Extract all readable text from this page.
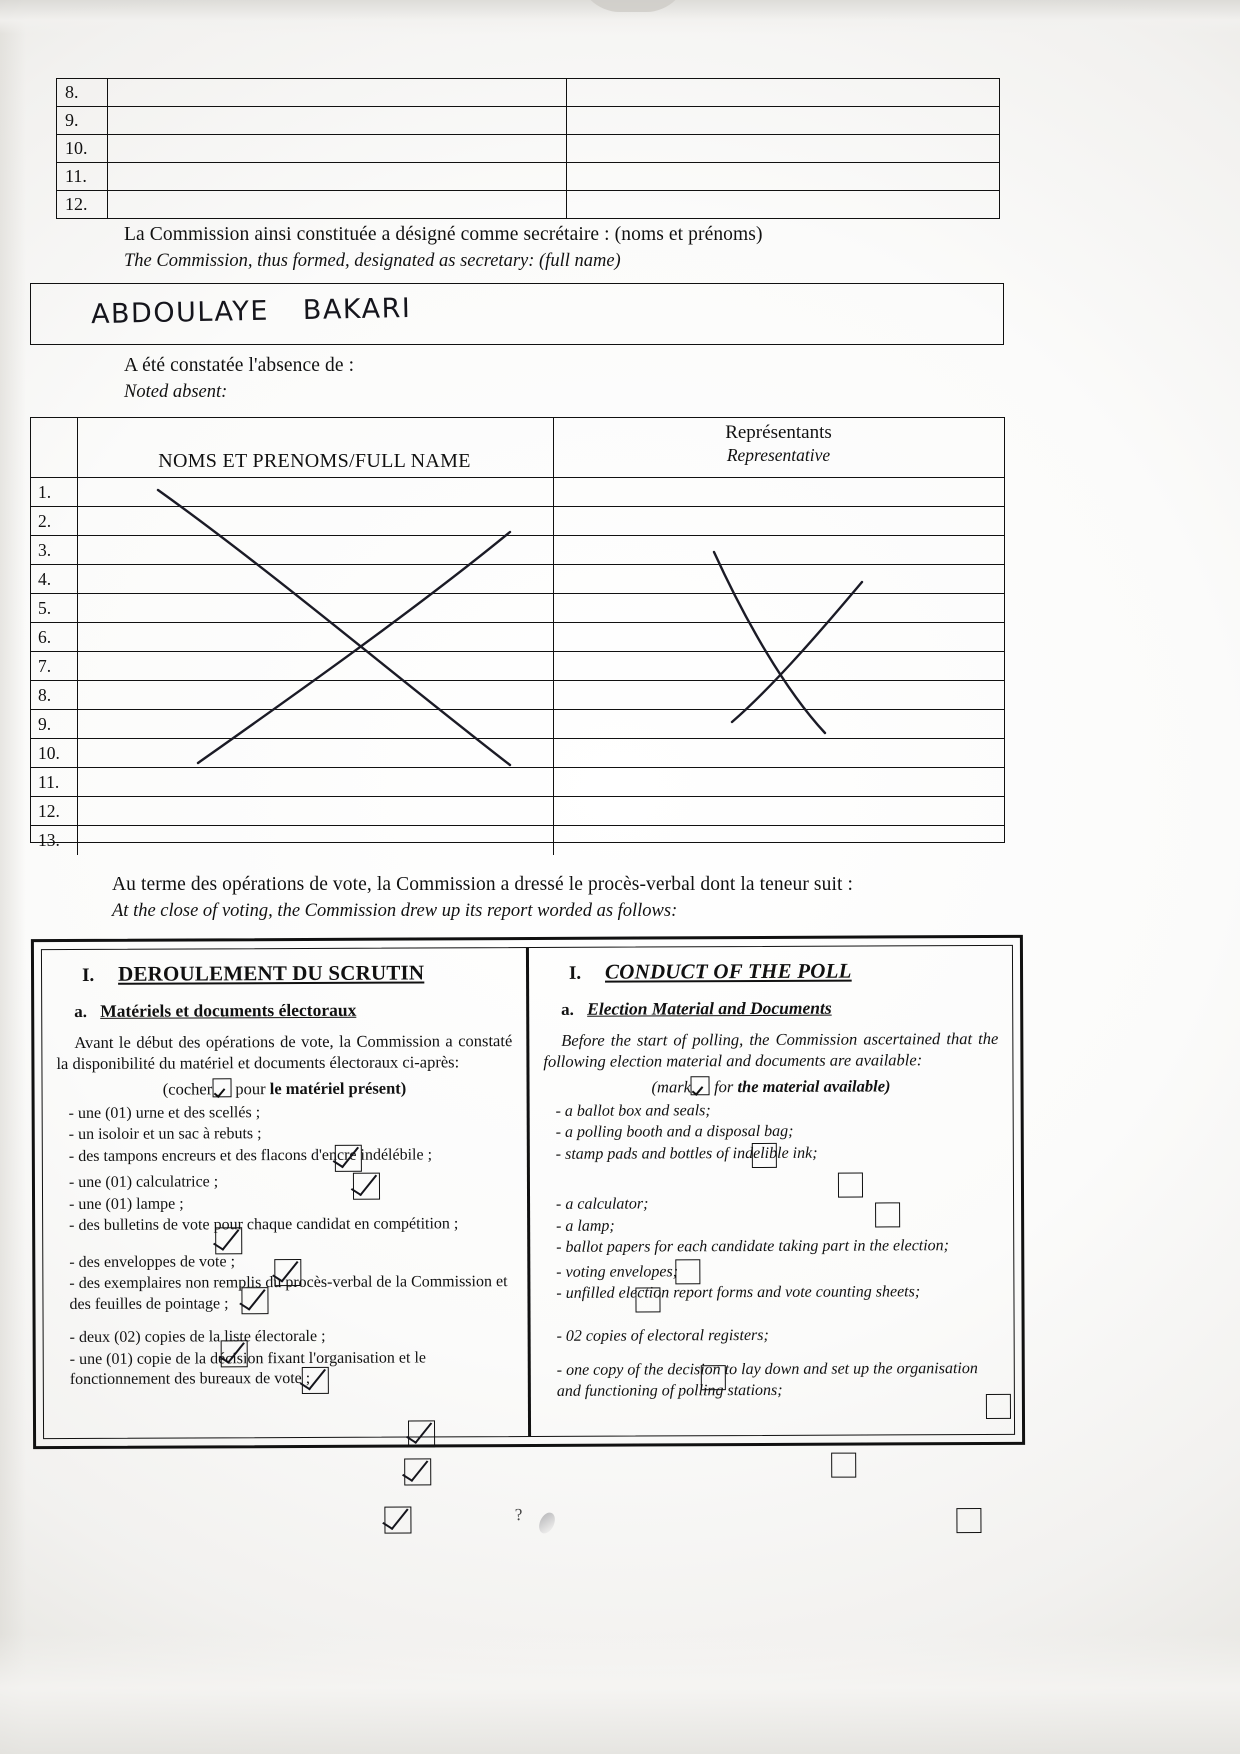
8.
9.
10.
11.
12.
La Commission ainsi constituée a désigné comme secrétaire : (noms et prénoms)
The Commission, thus formed, designated as secretary: (full name)
ABDOULAYE BAKARI
A été constatée l'absence de :
Noted absent:
NOMS ET PRENOMS/FULL NAME
Représentants
Representative
1.
2.
3.
4.
5.
6.
7.
8.
9.
10.
11.
12.
13.
Au terme des opérations de vote, la Commission a dressé le procès-verbal dont la teneur suit :
At the close of voting, the Commission drew up its report worded as follows:
I.	DEROULEMENT DU SCRUTIN
a. Matériels et documents électoraux
Avant le début des opérations de vote, la Commission a constaté la disponibilité du matériel et documents électoraux ci-après:
(cocher pour le matériel présent)
- une (01) urne et des scellés ;
- un isoloir et un sac à rebuts ;
- des tampons encreurs et des flacons d'encre indélébile ;
- une (01) calculatrice ;
- une (01) lampe ;
- des bulletins de vote pour chaque candidat en compétition ;
- des enveloppes de vote ;
- des exemplaires non remplis du procès-verbal de la Commission et des feuilles de pointage ;
- deux (02) copies de la liste électorale ;
- une (01) copie de la décision fixant l'organisation et le fonctionnement des bureaux de vote ;
I.	CONDUCT OF THE POLL
a. Election Material and Documents
Before the start of polling, the Commission ascertained that the following election material and documents are available:
(mark for the material available)
- a ballot box and seals;
- a polling booth and a disposal bag;
- stamp pads and bottles of indelible ink;
- a calculator;
- a lamp;
- ballot papers for each candidate taking part in the election;
- voting envelopes;
- unfilled election report forms and vote counting sheets;
- 02 copies of electoral registers;
- one copy of the decision to lay down and set up the organisation and functioning of polling stations;
?
